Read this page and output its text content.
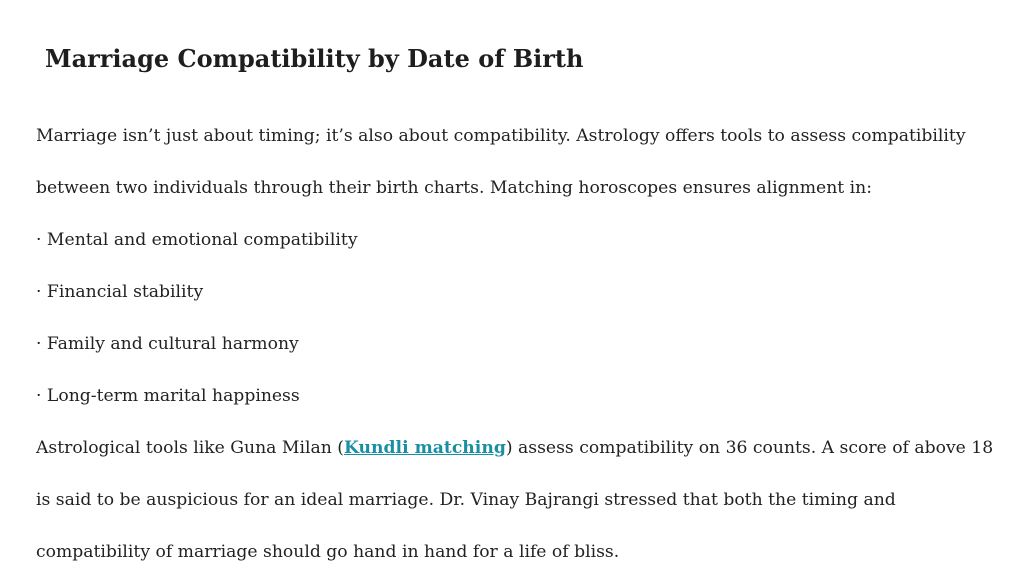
Marriage Compatibility by Date of Birth

Marriage isn’t just about timing; it’s also about compatibility. Astrology offers tools to assess compatibility

between two individuals through their birth charts. Matching horoscopes ensures alignment in:

· Mental and emotional compatibility

· Financial stability

· Family and cultural harmony

· Long-term marital happiness

Astrological tools like Guna Milan (Kundli matching) assess compatibility on 36 counts. A score of above 18

is said to be auspicious for an ideal marriage. Dr. Vinay Bajrangi stressed that both the timing and

compatibility of marriage should go hand in hand for a life of bliss.
